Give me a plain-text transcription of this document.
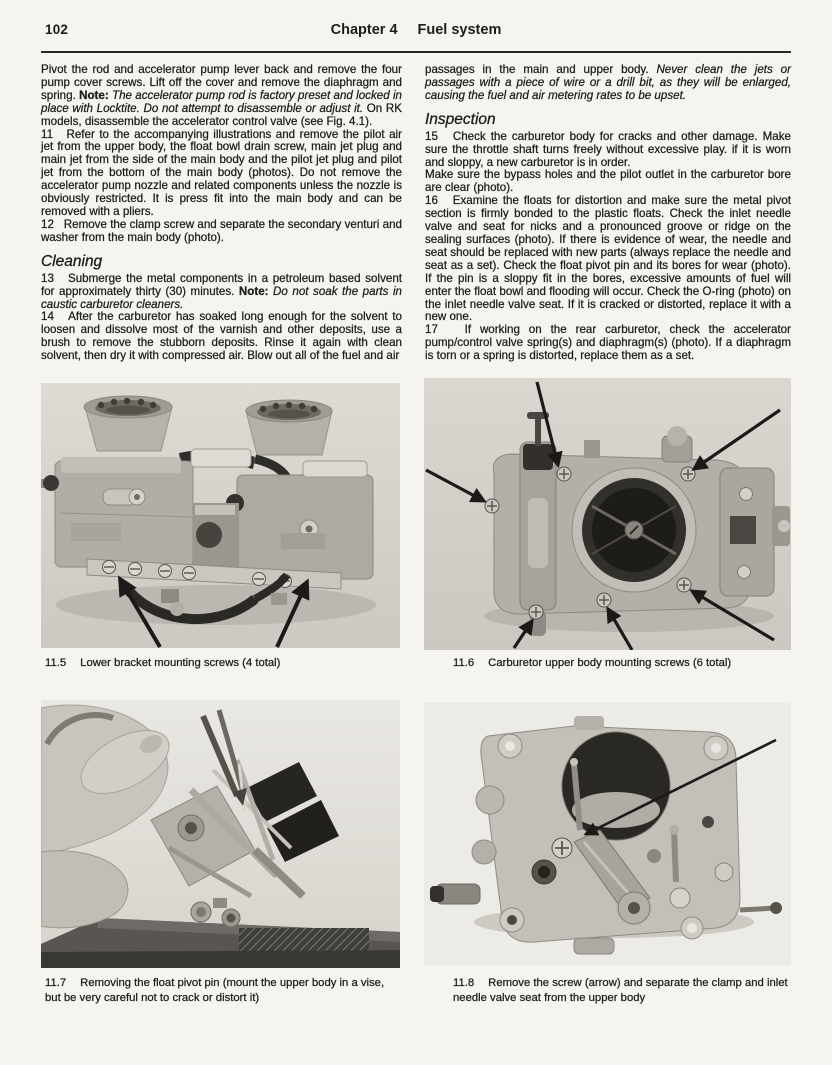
102	Chapter 4 Fuel system

Pivot the rod and accelerator pump lever back and remove the four pump cover screws. Lift off the cover and remove the diaphragm and spring. Note: The accelerator pump rod is factory preset and locked in place with Locktite. Do not attempt to disassemble or adjust it. On RK models, disassemble the accelerator control valve (see Fig. 4.1).

11   Refer to the accompanying illustrations and remove the pilot air jet from the upper body, the float bowl drain screw, main jet plug and main jet from the side of the main body and the pilot jet plug and pilot jet from the bottom of the main body (photos). Do not remove the accelerator pump nozzle and related components unless the nozzle is obviously restricted. It is press fit into the main body and can be removed with a pliers.

12   Remove the clamp screw and separate the secondary venturi and washer from the main body (photo).

Cleaning

13   Submerge the metal components in a petroleum based solvent for approximately thirty (30) minutes. Note: Do not soak the parts in caustic carburetor cleaners.

14   After the carburetor has soaked long enough for the solvent to loosen and dissolve most of the varnish and other deposits, use a brush to remove the stubborn deposits. Rinse it again with clean solvent, then dry it with compressed air. Blow out all of the fuel and air

passages in the main and upper body. Never clean the jets or passages with a piece of wire or a drill bit, as they will be enlarged, causing the fuel and air metering rates to be upset.

Inspection

15   Check the carburetor body for cracks and other damage. Make sure the throttle shaft turns freely without excessive play. if it is worn and sloppy, a new carburetor is in order.

Make sure the bypass holes and the pilot outlet in the carburetor bore are clear (photo).

16   Examine the floats for distortion and make sure the metal pivot section is firmly bonded to the plastic floats. Check the inlet needle valve and seat for nicks and a pronounced groove or ridge on the sealing surfaces (photo). If there is evidence of wear, the needle and seat should be replaced with new parts (always replace the needle and seat as a set). Check the float pivot pin and its bores for wear (photo). If the pin is a sloppy fit in the bores, excessive amounts of fuel will enter the float bowl and flooding will occur. Check the O-ring (photo) on the inlet needle valve seat. If it is cracked or distorted, replace it with a new one.

17   If working on the rear carburetor, check the accelerator pump/control valve spring(s) and diaphragm(s) (photo). If a diaphragm is torn or a spring is distorted, replace them as a set.

11.5 Lower bracket mounting screws (4 total)	11.6 Carburetor upper body mounting screws (6 total)
11.7 Removing the float pivot pin (mount the upper body in a vise, but be very careful not to crack or distort it)
11.8 Remove the screw (arrow) and separate the clamp and inlet needle valve seat from the upper body
